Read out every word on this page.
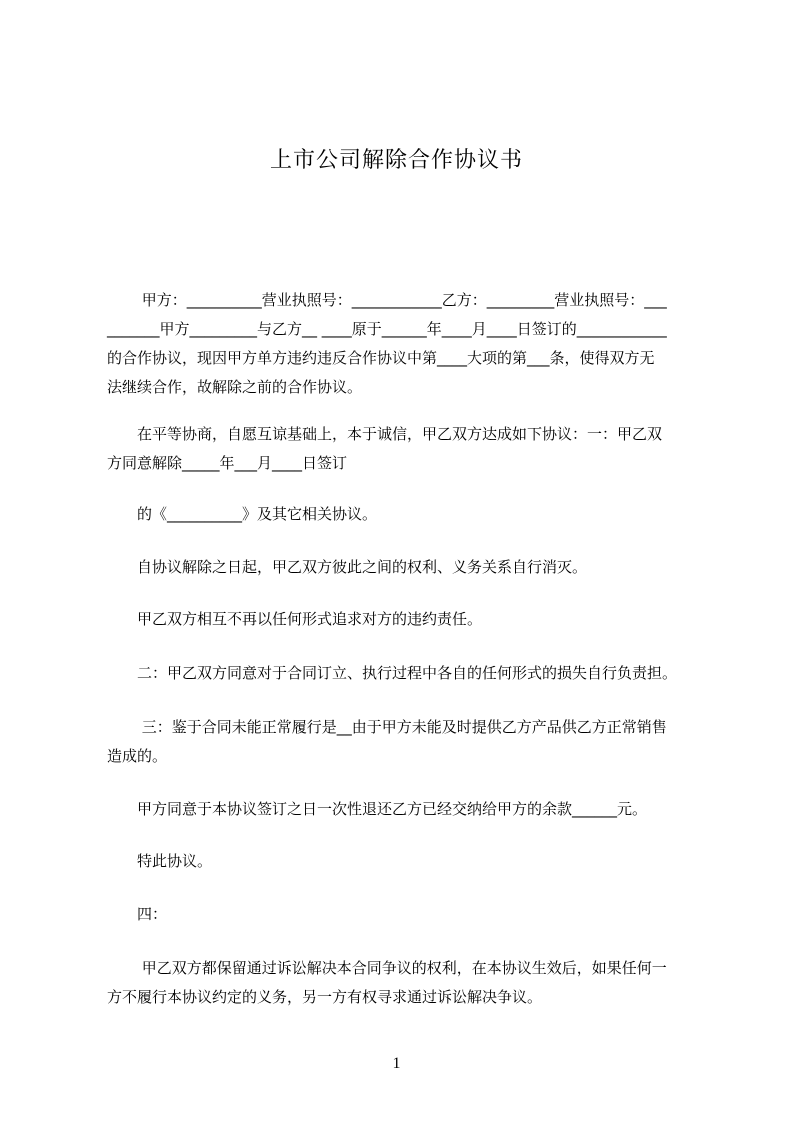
上市公司解除合作协议书
　　 甲方：__________营业执照号：____________乙方：_________营业执照号：___
_______甲方_________与乙方__ ____原于______年____月____日签订的____________
的合作协议，现因甲方单方违约违反合作协议中第____大项的第___条，使得双方无
法继续合作，故解除之前的合作协议。
　　在平等协商，自愿互谅基础上，本于诚信，甲乙双方达成如下协议：一：甲乙双
方同意解除_____年___月____日签订
　　的《__________》及其它相关协议。
　　自协议解除之日起，甲乙双方彼此之间的权利、义务关系自行消灭。
　　甲乙双方相互不再以任何形式追求对方的违约责任。
　　二：甲乙双方同意对于合同订立、执行过程中各自的任何形式的损失自行负责担。
　　 三：鉴于合同未能正常履行是__由于甲方未能及时提供乙方产品供乙方正常销售
造成的。
　　甲方同意于本协议签订之日一次性退还乙方已经交纳给甲方的余款______元。
　　特此协议。
　　四：
　　 甲乙双方都保留通过诉讼解决本合同争议的权利，在本协议生效后，如果任何一
方不履行本协议约定的义务，另一方有权寻求通过诉讼解决争议。
1
